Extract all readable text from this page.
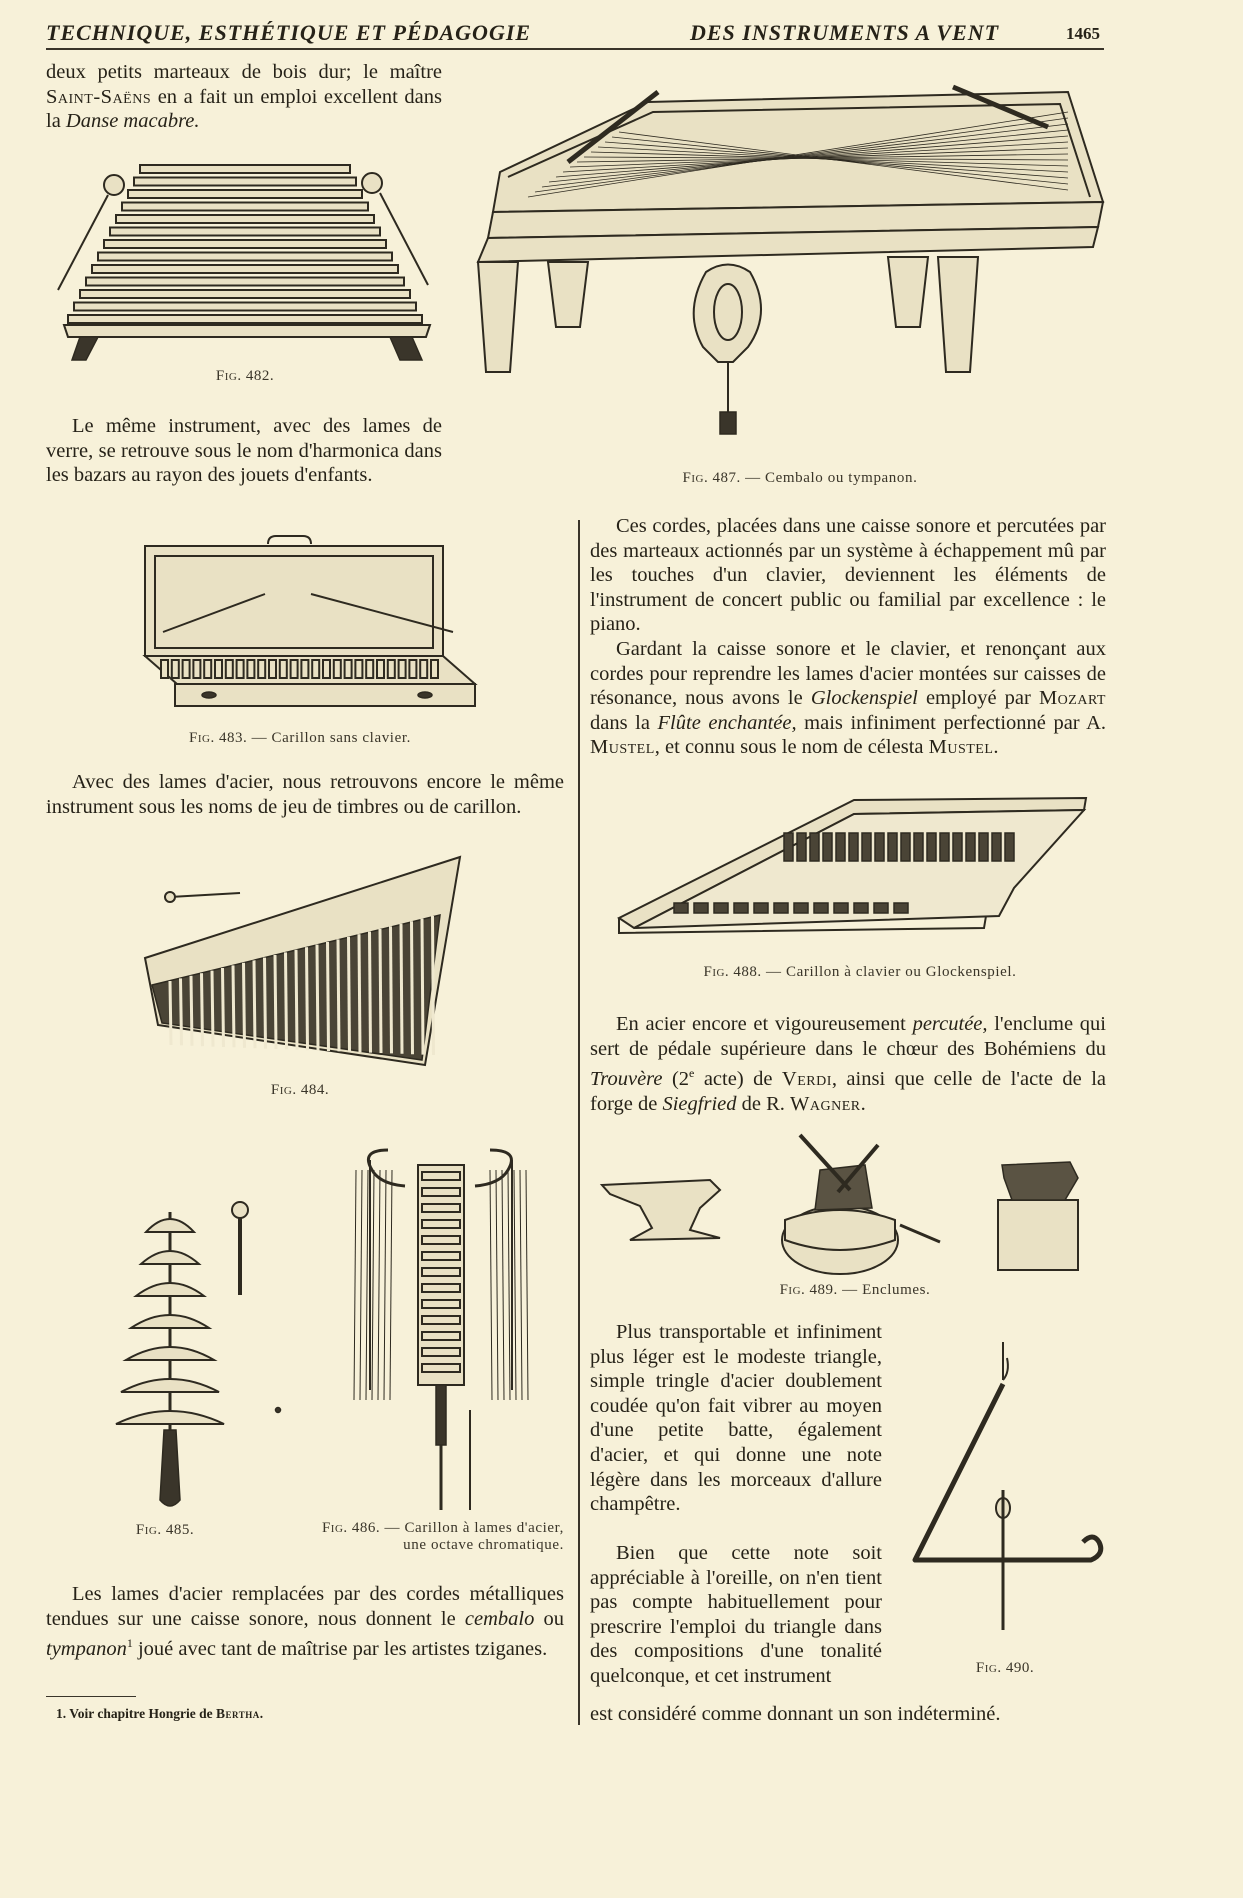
TECHNIQUE, ESTHÉTIQUE ET PÉDAGOGIE	DES INSTRUMENTS A VENT	1465
deux petits marteaux de bois dur; le maître Saint-Saëns en a fait un emploi excellent dans la Danse macabre.
Le même instrument, avec des lames de verre, se retrouve sous le nom d'harmonica dans les bazars au rayon des jouets d'enfants.
Avec des lames d'acier, nous retrouvons encore le même instrument sous les noms de jeu de timbres ou de carillon.
Les lames d'acier remplacées par des cordes métalliques tendues sur une caisse sonore, nous donnent le cembalo ou tympanon$^1$ joué avec tant de maîtrise par les artistes tziganes.
1. Voir chapitre Hongrie de Bertha.
Ces cordes, placées dans une caisse sonore et percutées par des marteaux actionnés par un système à échappement mû par les touches d'un clavier, deviennent les éléments de l'instrument de concert public ou familial par excellence : le piano.
Gardant la caisse sonore et le clavier, et renonçant aux cordes pour reprendre les lames d'acier montées sur caisses de résonance, nous avons le Glockenspiel employé par Mozart dans la Flûte enchantée, mais infiniment perfectionné par A. Mustel, et connu sous le nom de célesta Mustel.
En acier encore et vigoureusement percutée, l'enclume qui sert de pédale supérieure dans le chœur des Bohémiens du Trouvère (2e acte) de Verdi, ainsi que celle de l'acte de la forge de Siegfried de R. Wagner.
Plus transportable et infiniment plus léger est le modeste triangle, simple tringle d'acier doublement coudée qu'on fait vibrer au moyen d'une petite batte, également d'acier, et qui donne une note légère dans les morceaux d'allure champêtre.
Bien que cette note soit appréciable à l'oreille, on n'en tient pas compte habituellement pour prescrire l'emploi du triangle dans des compositions d'une tonalité quelconque, et cet instrument
est considéré comme donnant un son indéterminé.
Fig. 482.
Fig. 483. — Carillon sans clavier.
Fig. 484.
Fig. 485.	Fig. 486. — Carillon à lames d'acier, une octave chromatique.
Fig. 487. — Cembalo ou tympanon.
Fig. 488. — Carillon à clavier ou Glockenspiel.
Fig. 489. — Enclumes.
Fig. 490.
